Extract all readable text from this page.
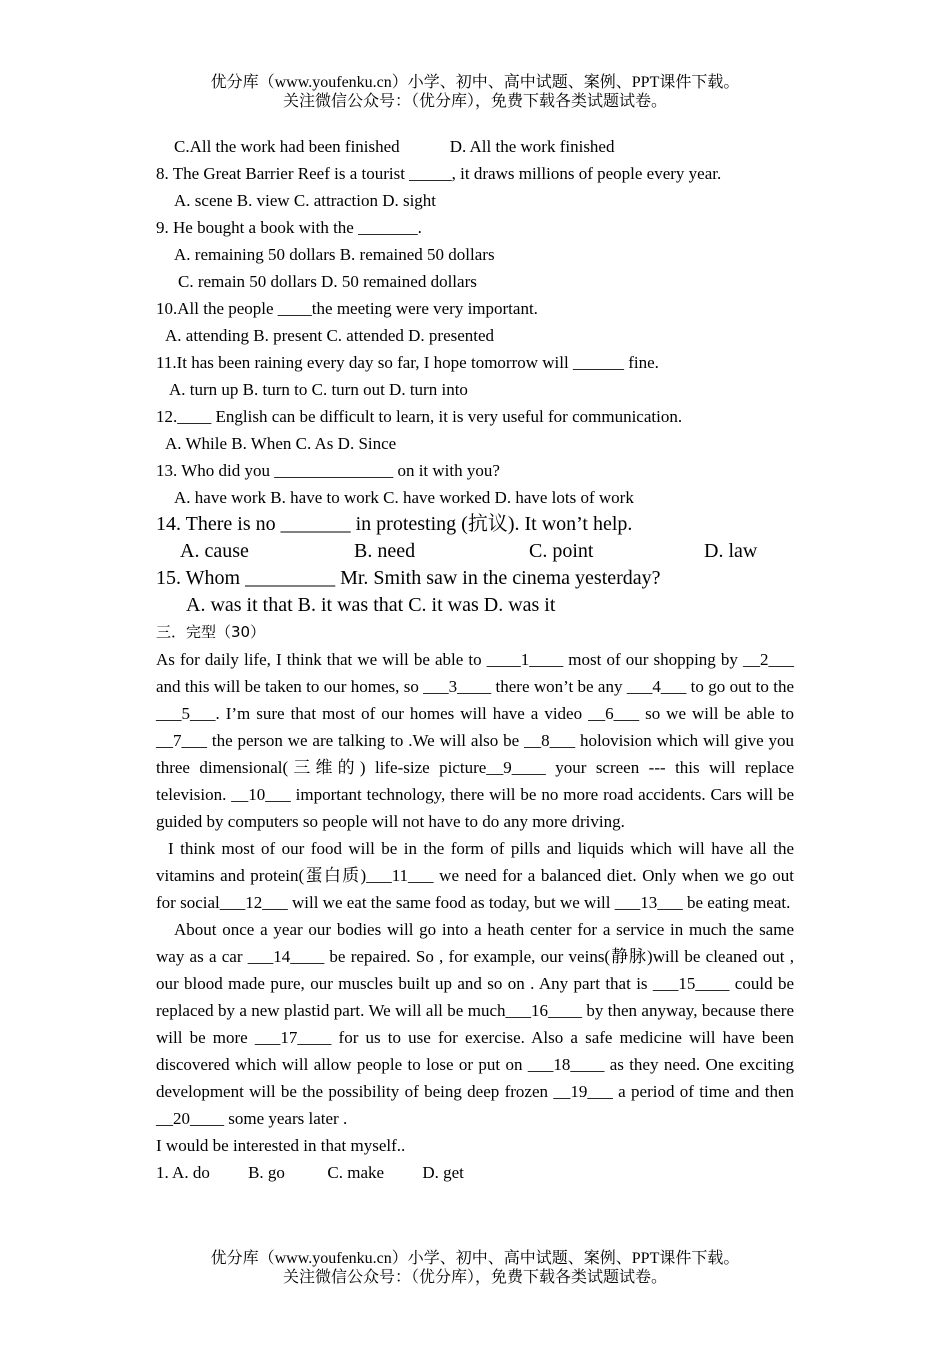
优分库（www.youfenku.cn）小学、初中、高中试题、案例、PPT课件下载。
关注微信公众号：（优分库），免费下载各类试题试卷。
C.All the work had been finished	D. All the work finished
8. The Great Barrier Reef is a tourist _____, it draws millions of people every year.
A. scene B. view C. attraction D. sight
9. He bought a book with the _______.
A. remaining 50 dollars B. remained 50 dollars
C. remain 50 dollars D. 50 remained dollars
10.All the people ____the meeting were very important.
A. attending B. present C. attended D. presented
11.It has been raining every day so far, I hope tomorrow will ______ fine.
A. turn up B. turn to C. turn out D. turn into
12.____ English can be difficult to learn, it is very useful for communication.
A. While B. When C. As D. Since
13. Who did you ______________ on it with you?
A. have work B. have to work C. have worked D. have lots of work
14. There is no _______ in protesting (抗议). It won’t help.
A. cause	B. need	C. point	D. law
15. Whom _________ Mr. Smith saw in the cinema yesterday?
A. was it that B. it was that C. it was D. was it
三．完型（30）

As for daily life, I think that we will be able to ____1____ most of our shopping by __2___ and this will be taken to our homes, so ___3____ there won’t be any ___4___ to go out to the ___5___. I’m sure that most of our homes will have a video __6___ so we will be able to __7___ the person we are talking to .We will also be __8___ holovision which will give you three dimensional(三维的) life-size picture__9____ your screen --- this will replace television. __10___ important technology, there will be no more road accidents. Cars will be guided by computers so people will not have to do any more driving.

I think most of our food will be in the form of pills and liquids which will have all the vitamins and protein(蛋白质)___11___ we need for a balanced diet. Only when we go out for social___12___ will we eat the same food as today, but we will ___13___ be eating meat.

About once a year our bodies will go into a heath center for a service in much the same way as a car ___14____ be repaired. So , for example, our veins(静脉)will be cleaned out , our blood made pure, our muscles built up and so on . Any part that is ___15____ could be replaced by a new plastid part. We will all be much___16____ by then anyway, because there will be more ___17____ for us to use for exercise. Also a safe medicine will have been discovered which will allow people to lose or put on ___18____ as they need. One exciting development will be the possibility of being deep frozen __19___ a period of time and then __20____ some years later .

I would be interested in that myself..

1. A. do         B. go          C. make         D. get

优分库（www.youfenku.cn）小学、初中、高中试题、案例、PPT课件下载。
关注微信公众号：（优分库），免费下载各类试题试卷。
